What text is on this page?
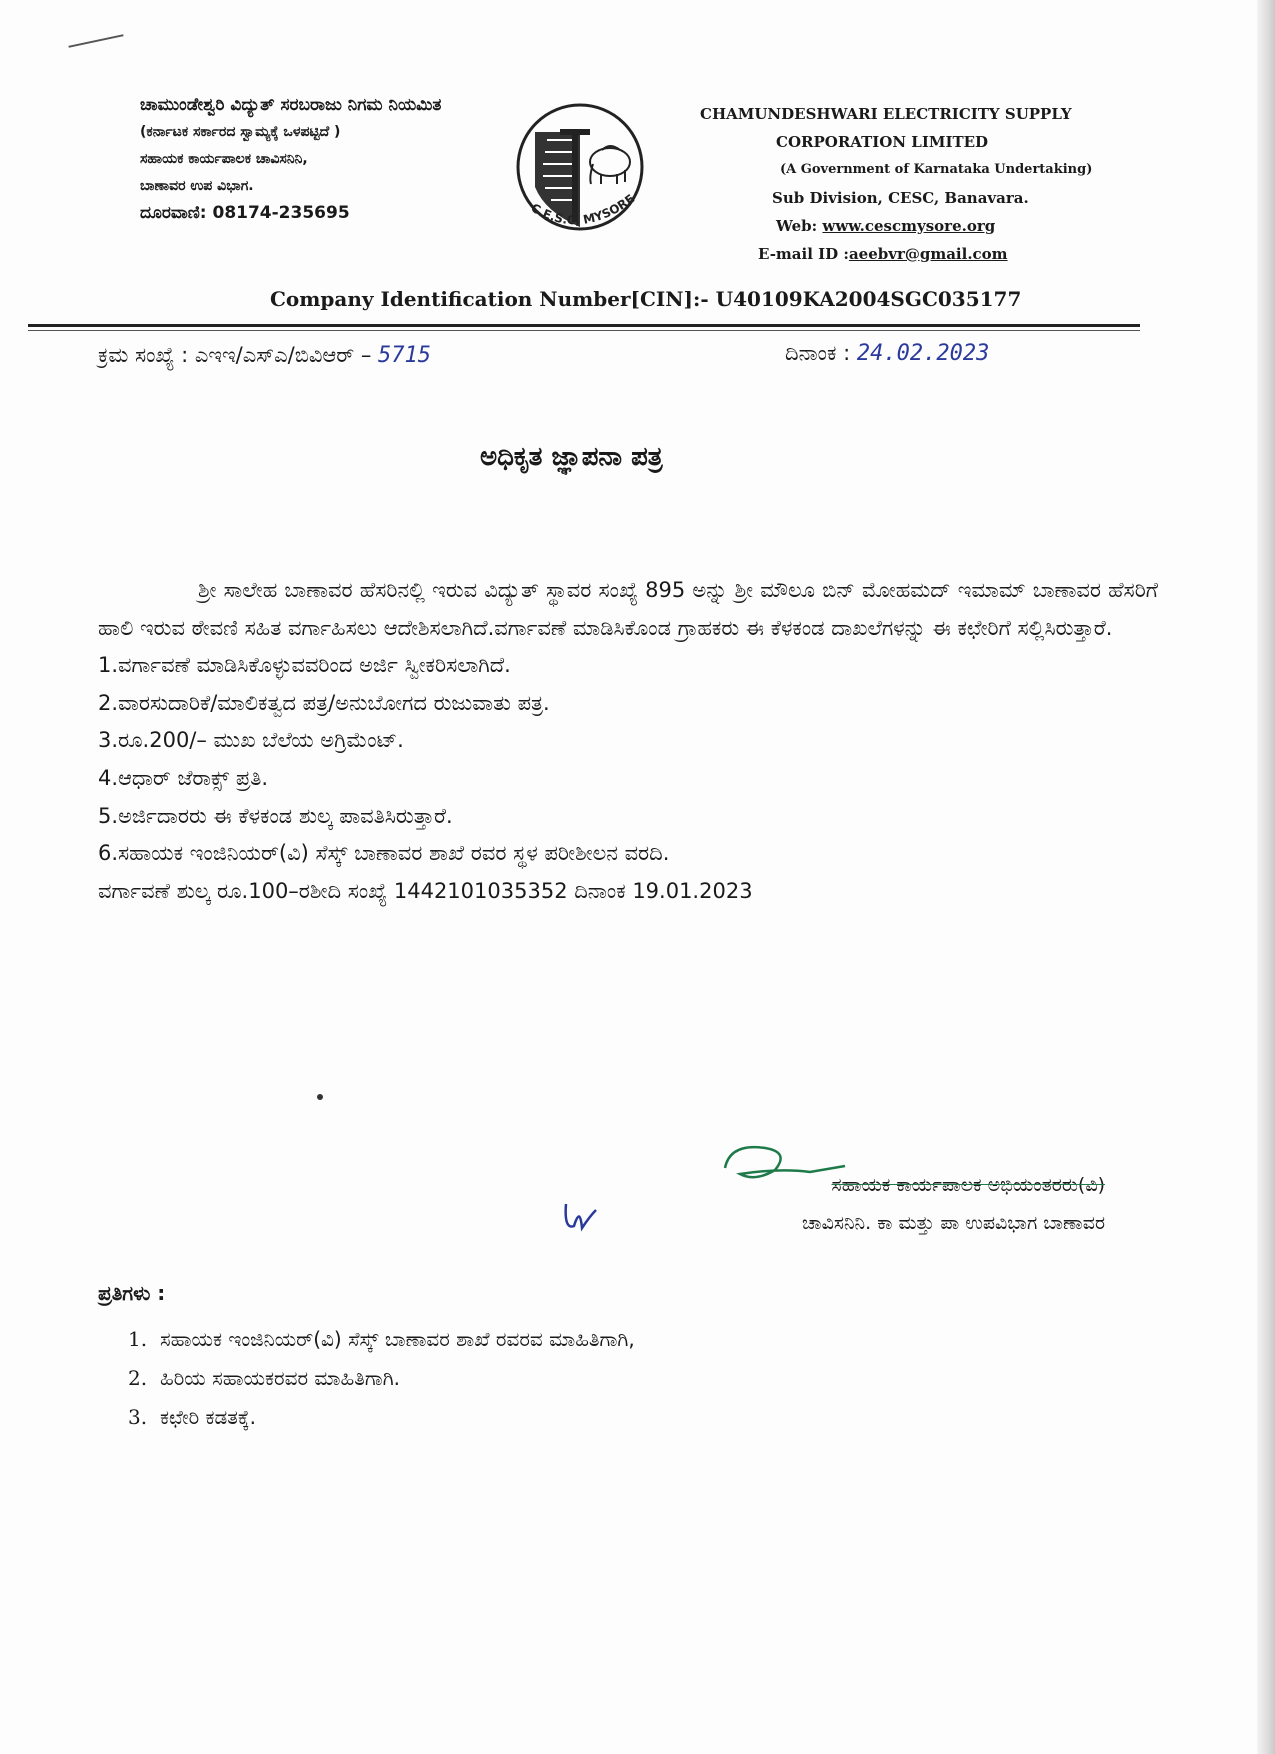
ಚಾಮುಂಡೇಶ್ವರಿ ವಿದ್ಯುತ್ ಸರಬರಾಜು ನಿಗಮ ನಿಯಮಿತ
(ಕರ್ನಾಟಕ ಸರ್ಕಾರದ ಸ್ವಾಮ್ಯಕ್ಕೆ ಒಳಪಟ್ಟಿದೆ )
ಸಹಾಯಕ ಕಾರ್ಯಪಾಲಕ ಚಾವಿಸನಿನಿ,
ಬಾಣಾವರ ಉಪ ವಿಭಾಗ.
ದೂರವಾಣಿ: 08174-235695	C.E.S.C, MYSORE
CHAMUNDESHWARI ELECTRICITY SUPPLY
CORPORATION LIMITED
(A Government of Karnataka Undertaking)
Sub Division, CESC, Banavara.
Web: www.cescmysore.org
E-mail ID :aeebvr@gmail.com
Company Identification Number[CIN]:- U40109KA2004SGC035177
ಕ್ರಮ ಸಂಖ್ಯೆ : ಎಇಇ/ಎಸ್ಎ/ಬಿವಿಆರ್ – 5715	ದಿನಾಂಕ : 24.02.2023
ಅಧಿಕೃತ ಜ್ಞಾಪನಾ ಪತ್ರ

ಶ್ರೀ ಸಾಲೇಹ ಬಾಣಾವರ ಹೆಸರಿನಲ್ಲಿ ಇರುವ ವಿದ್ಯುತ್ ಸ್ಥಾವರ ಸಂಖ್ಯೆ 895 ಅನ್ನು ಶ್ರೀ ಮೌಲೂ ಬಿನ್ ಮೋಹಮದ್ ಇಮಾಮ್ ಬಾಣಾವರ ಹೆಸರಿಗೆ ಹಾಲಿ ಇರುವ ಠೇವಣಿ ಸಹಿತ ವರ್ಗಾಹಿಸಲು ಆದೇಶಿಸಲಾಗಿದೆ.ವರ್ಗಾವಣೆ ಮಾಡಿಸಿಕೊಂಡ ಗ್ರಾಹಕರು ಈ ಕೆಳಕಂಡ ದಾಖಲೆಗಳನ್ನು ಈ ಕಛೇರಿಗೆ ಸಲ್ಲಿಸಿರುತ್ತಾರೆ.

1.ವರ್ಗಾವಣೆ ಮಾಡಿಸಿಕೊಳ್ಳುವವರಿಂದ ಅರ್ಜಿ ಸ್ವೀಕರಿಸಲಾಗಿದೆ.
2.ವಾರಸುದಾರಿಕೆ/ಮಾಲಿಕತ್ವದ ಪತ್ರ/ಅನುಬೋಗದ ರುಜುವಾತು ಪತ್ರ.
3.ರೂ.200/– ಮುಖ ಬೆಲೆಯ ಅಗ್ರಿಮೆಂಟ್.
4.ಆಧಾರ್ ಜೆರಾಕ್ಸ್ ಪ್ರತಿ.
5.ಅರ್ಜಿದಾರರು ಈ ಕೆಳಕಂಡ ಶುಲ್ಕ ಪಾವತಿಸಿರುತ್ತಾರೆ.
6.ಸಹಾಯಕ ಇಂಜಿನಿಯರ್(ವಿ) ಸೆಸ್ಕ್ ಬಾಣಾವರ ಶಾಖೆ ರವರ ಸ್ಥಳ ಪರೀಶೀಲನ ವರದಿ.
ವರ್ಗಾವಣೆ ಶುಲ್ಕ ರೂ.100–ರಶೀದಿ ಸಂಖ್ಯೆ 1442101035352 ದಿನಾಂಕ 19.01.2023
ಸಹಾಯಕ ಕಾರ್ಯಪಾಲಕ ಅಭಿಯಂತರರು(ವಿ)
ಚಾವಿಸನಿನಿ. ಕಾ ಮತ್ತು ಪಾ ಉಪವಿಭಾಗ ಬಾಣಾವರ
ಪ್ರತಿಗಳು :
1. ಸಹಾಯಕ ಇಂಜಿನಿಯರ್(ವಿ) ಸೆಸ್ಕ್ ಬಾಣಾವರ ಶಾಖೆ ರವರವ ಮಾಹಿತಿಗಾಗಿ,
2. ಹಿರಿಯ ಸಹಾಯಕರವರ ಮಾಹಿತಿಗಾಗಿ.
3. ಕಛೇರಿ ಕಡತಕ್ಕೆ.
